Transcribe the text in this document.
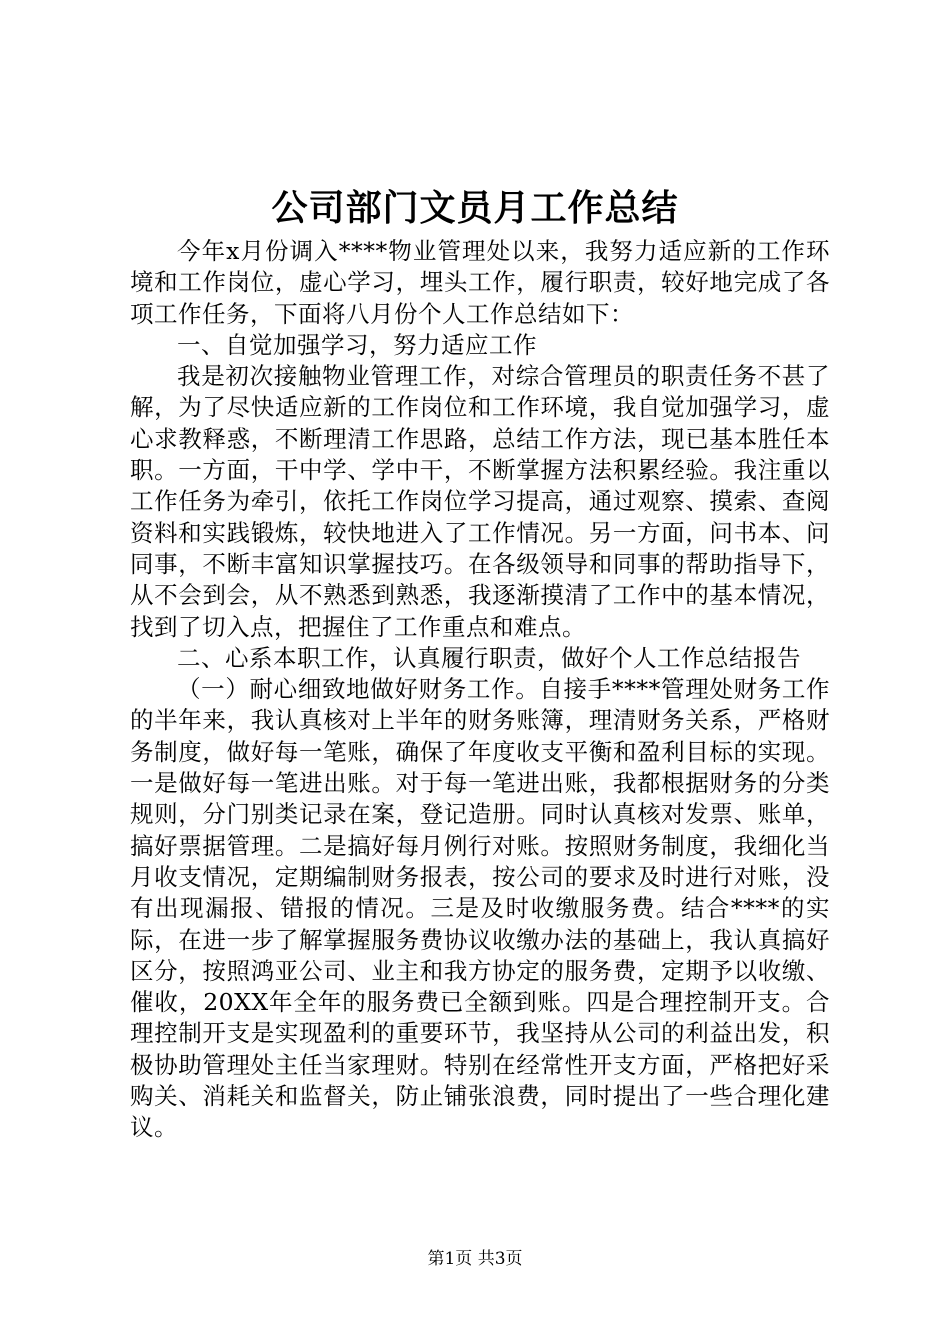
公司部门文员月工作总结

今年x月份调入****物业管理处以来，我努力适应新的工作环境和工作岗位，虚心学习，埋头工作，履行职责，较好地完成了各项工作任务，下面将八月份个人工作总结如下：

一、自觉加强学习，努力适应工作

我是初次接触物业管理工作，对综合管理员的职责任务不甚了解，为了尽快适应新的工作岗位和工作环境，我自觉加强学习，虚心求教释惑，不断理清工作思路，总结工作方法，现已基本胜任本职。一方面，干中学、学中干，不断掌握方法积累经验。我注重以工作任务为牵引，依托工作岗位学习提高，通过观察、摸索、查阅资料和实践锻炼，较快地进入了工作情况。另一方面，问书本、问同事，不断丰富知识掌握技巧。在各级领导和同事的帮助指导下，从不会到会，从不熟悉到熟悉，我逐渐摸清了工作中的基本情况，找到了切入点，把握住了工作重点和难点。

二、心系本职工作，认真履行职责，做好个人工作总结报告

（一）耐心细致地做好财务工作。自接手****管理处财务工作的半年来，我认真核对上半年的财务账簿，理清财务关系，严格财务制度，做好每一笔账，确保了年度收支平衡和盈利目标的实现。一是做好每一笔进出账。对于每一笔进出账，我都根据财务的分类规则，分门别类记录在案，登记造册。同时认真核对发票、账单，搞好票据管理。二是搞好每月例行对账。按照财务制度，我细化当月收支情况，定期编制财务报表，按公司的要求及时进行对账，没有出现漏报、错报的情况。三是及时收缴服务费。结合****的实际，在进一步了解掌握服务费协议收缴办法的基础上，我认真搞好区分，按照鸿亚公司、业主和我方协定的服务费，定期予以收缴、催收，20XX年全年的服务费已全额到账。四是合理控制开支。合理控制开支是实现盈利的重要环节，我坚持从公司的利益出发，积极协助管理处主任当家理财。特别在经常性开支方面，严格把好采购关、消耗关和监督关，防止铺张浪费，同时提出了一些合理化建议。

第1页 共3页
